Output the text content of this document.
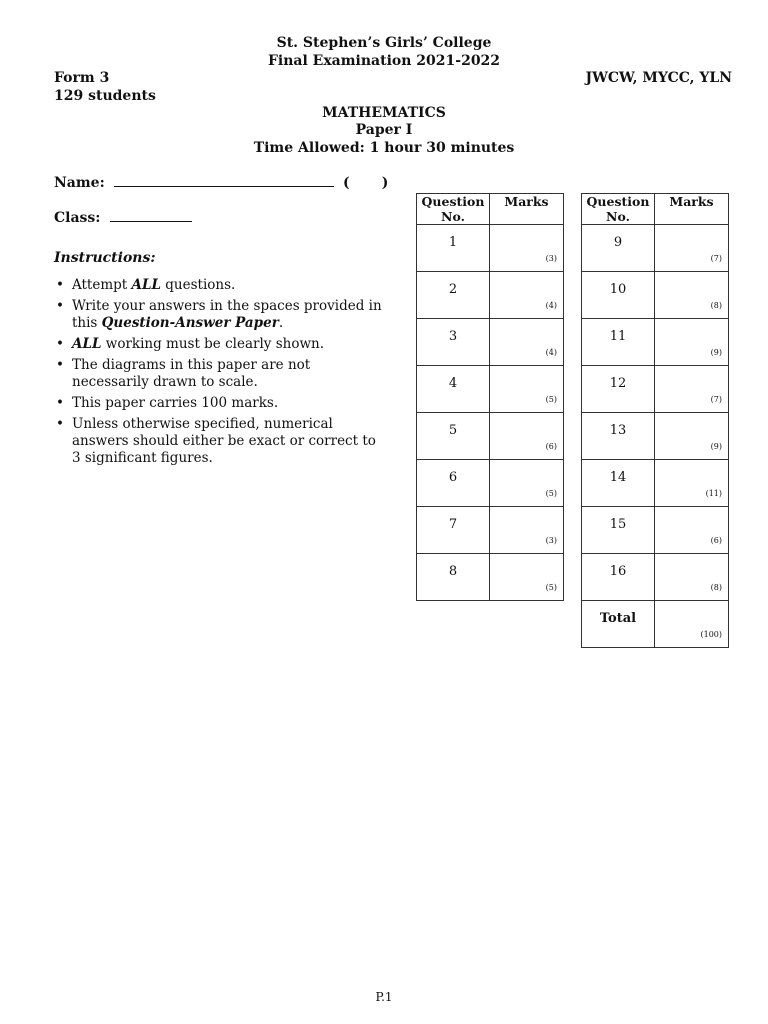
St. Stephen’s Girls’ College
Final Examination 2021-2022
Form 3
129 students
JWCW, MYCC, YLN
MATHEMATICS
Paper I
Time Allowed: 1 hour 30 minutes
Name:	( )
Class:
Instructions:
• Attempt ALL questions.
• Write your answers in the spaces provided in this Question-Answer Paper.
• ALL working must be clearly shown.
• The diagrams in this paper are not necessarily drawn to scale.
• This paper carries 100 marks.
• Unless otherwise specified, numerical answers should either be exact or correct to 3 significant figures.
Question No.	Marks
1	(3)

2	(4)

3	(4)

4	(5)

5	(6)

6	(5)

7	(3)

8	(5)
Question No.	Marks
9	(7)

10	(8)

11	(9)

12	(7)

13	(9)

14	(11)

15	(6)

16	(8)

Total	(100)
P.1
